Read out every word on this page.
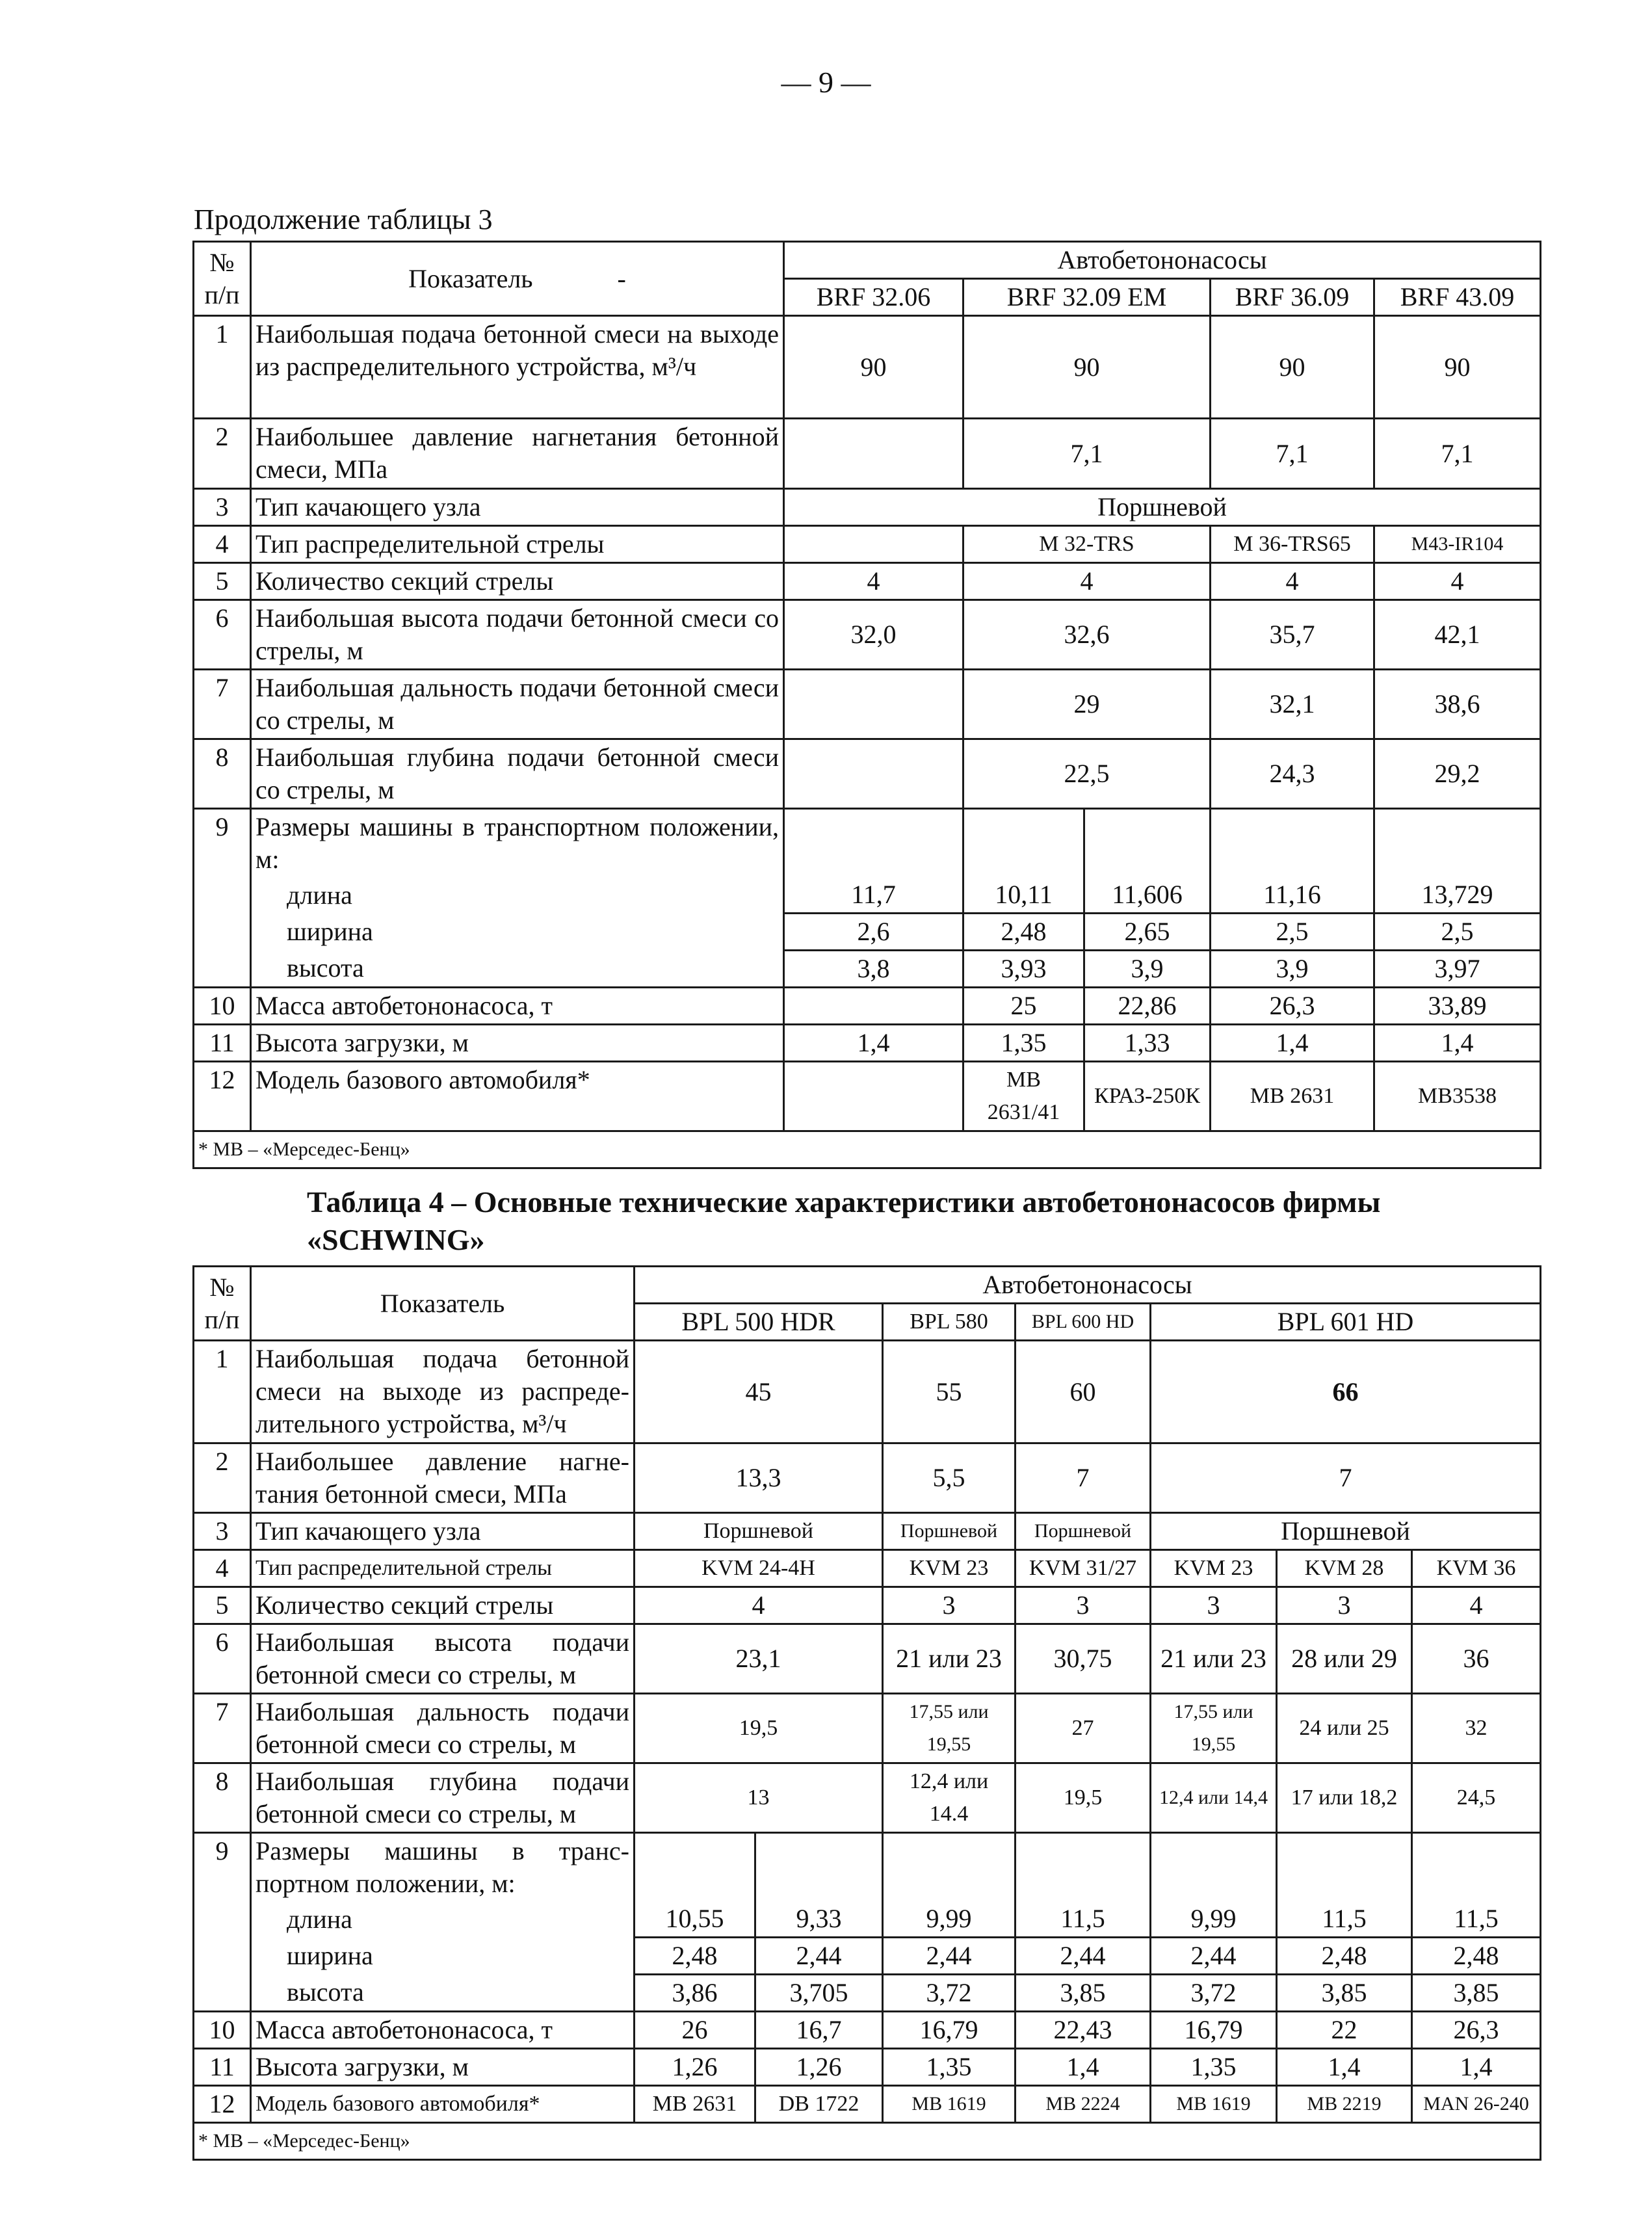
— 9 —
Продолжение таблицы 3
№ п/п	Показатель -	Автобетононасосы				
		BRF 32.06	BRF 32.09 EM		BRF 36.09	BRF 43.09
1	Наибольшая подача бетонной смеси на выходе из распределительного устройства, м³/ч	90	90		90	90
2	Наибольшее давление нагнетания бетонной смеси, МПа		7,1		7,1	7,1
3	Тип качающего узла	Поршневой				
4	Тип распределительной стрелы		М 32-TRS		М 36-TRS65	M43-IR104
5	Количество секций стрелы	4	4		4	4
6	Наибольшая высота подачи бетонной смеси со стрелы, м	32,0	32,6		35,7	42,1
7	Наибольшая дальность подачи бетонной смеси со стрелы, м		29		32,1	38,6
8	Наибольшая глубина подачи бетонной смеси со стрелы, м		22,5		24,3	29,2
9	Размеры машины в транспортном положении, м:					
	длина	11,7	10,11	11,606	11,16	13,729
	ширина	2,6	2,48	2,65	2,5	2,5
	высота	3,8	3,93	3,9	3,9	3,97
10	Масса автобетононасоса, т		25	22,86	26,3	33,89
11	Высота загрузки, м	1,4	1,35	1,33	1,4	1,4
12	Модель базового автомобиля*		MB 2631/41	КРАЗ-250К	MB 2631	MB3538
* MB – «Мерседес-Бенц»						
Таблица 4 – Основные технические характеристики автобетононасосов фирмы «SCHWING»
№ п/п	Показатель	Автобетононасосы						
		BPL 500 HDR		BPL 580	BPL 600 HD	BPL 601 HD		
1	Наибольшая подача бетонной смеси на выходе из распределительного устройства, м³/ч	45		55	60	66		
2	Наибольшее давление нагнетания бетонной смеси, МПа	13,3		5,5	7	7		
3	Тип качающего узла	Поршневой		Поршневой	Поршневой	Поршневой		
4	Тип распределительной стрелы	KVM 24-4H		KVM 23	KVM 31/27	KVM 23	KVM 28	KVM 36
5	Количество секций стрелы	4		3	3	3	3	4
6	Наибольшая высота подачи бетонной смеси со стрелы, м	23,1		21 или 23	30,75	21 или 23	28 или 29	36
7	Наибольшая дальность подачи бетонной смеси со стрелы, м	19,5		17,55 или 19,55	27	17,55 или 19,55	24 или 25	32
8	Наибольшая глубина подачи бетонной смеси со стрелы, м	13		12,4 или 14.4	19,5	12,4 или 14,4	17 или 18,2	24,5
9	Размеры машины в транспортном положении, м:							
	длина	10,55	9,33	9,99	11,5	9,99	11,5	11,5
	ширина	2,48	2,44	2,44	2,44	2,44	2,48	2,48
	высота	3,86	3,705	3,72	3,85	3,72	3,85	3,85
10	Масса автобетононасоса, т	26	16,7	16,79	22,43	16,79	22	26,3
11	Высота загрузки, м	1,26	1,26	1,35	1,4	1,35	1,4	1,4
12	Модель базового автомобиля*	MB 2631	DB 1722	MB 1619	MB 2224	MB 1619	MB 2219	MAN 26-240
* MB – «Мерседес-Бенц»								
